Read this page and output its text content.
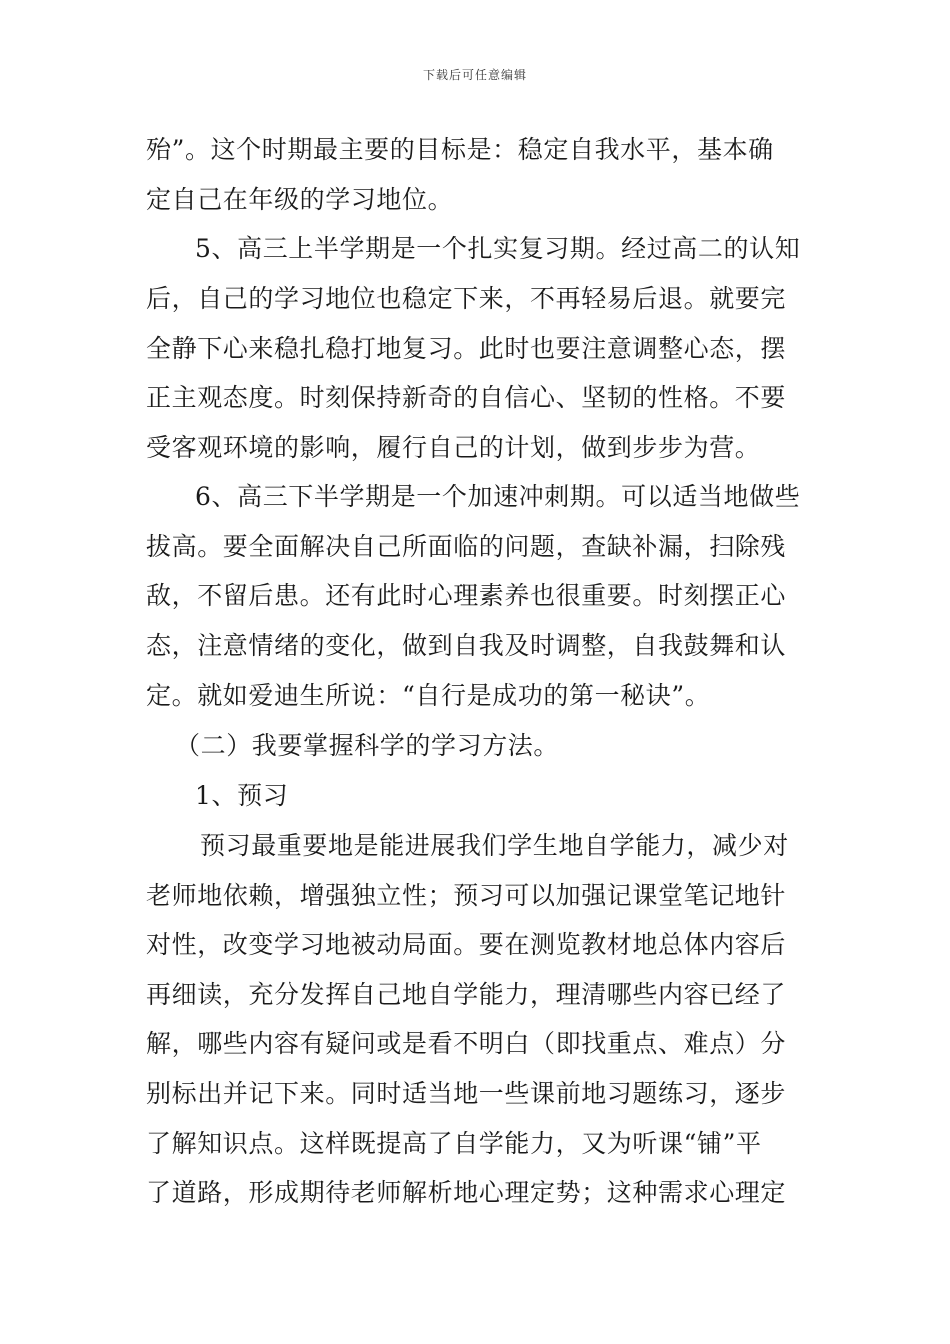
下载后可任意编辑
殆”。这个时期最主要的目标是：稳定自我水平，基本确
定自己在年级的学习地位。
5、高三上半学期是一个扎实复习期。经过高二的认知
后，自己的学习地位也稳定下来，不再轻易后退。就要完
全静下心来稳扎稳打地复习。此时也要注意调整心态，摆
正主观态度。时刻保持新奇的自信心、坚韧的性格。不要
受客观环境的影响，履行自己的计划，做到步步为营。
6、高三下半学期是一个加速冲刺期。可以适当地做些
拔高。要全面解决自己所面临的问题，查缺补漏，扫除残
敌，不留后患。还有此时心理素养也很重要。时刻摆正心
态，注意情绪的变化，做到自我及时调整，自我鼓舞和认
定。就如爱迪生所说：“自行是成功的第一秘诀”。
（二）我要掌握科学的学习方法。
1、预习
预习最重要地是能进展我们学生地自学能力，减少对
老师地依赖，增强独立性；预习可以加强记课堂笔记地针
对性，改变学习地被动局面。要在测览教材地总体内容后
再细读，充分发挥自己地自学能力，理清哪些内容已经了
解，哪些内容有疑问或是看不明白（即找重点、难点）分
别标出并记下来。同时适当地一些课前地习题练习，逐步
了解知识点。这样既提高了自学能力，又为听课“铺”平
了道路，形成期待老师解析地心理定势；这种需求心理定
